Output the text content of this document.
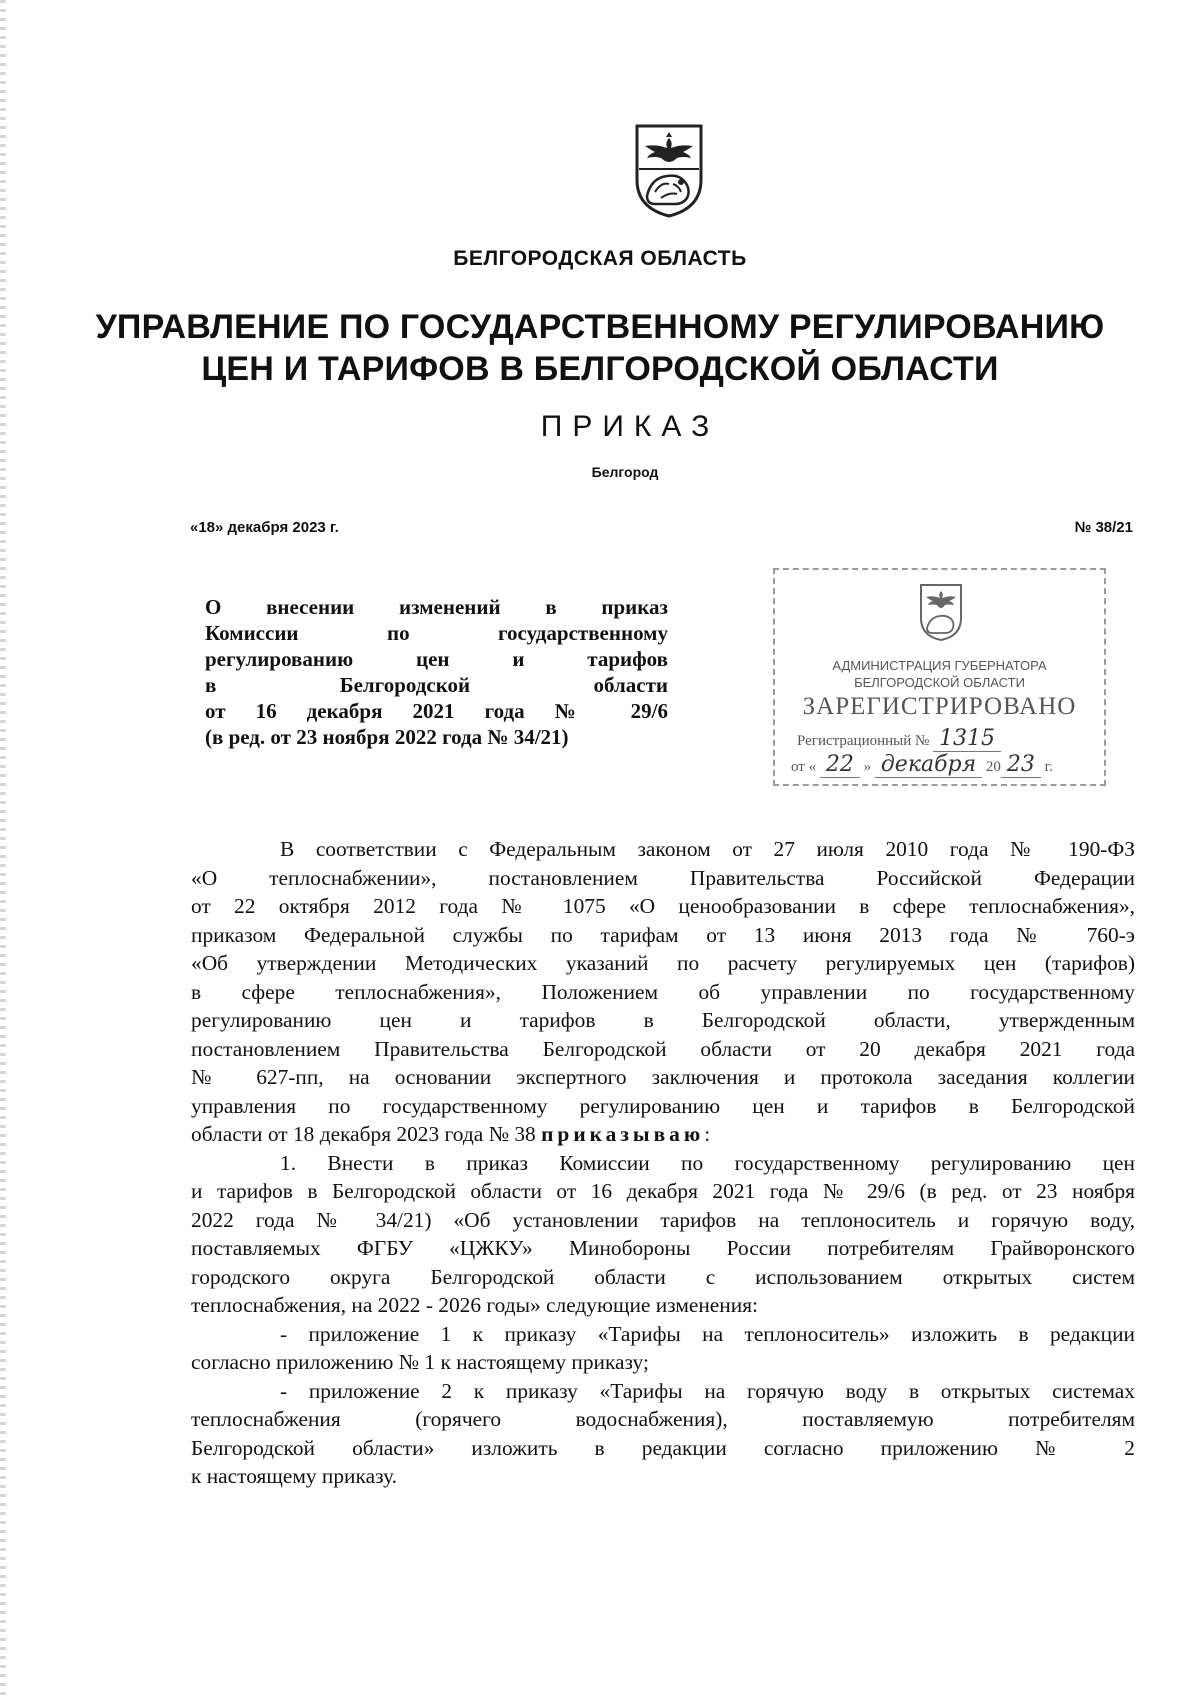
БЕЛГОРОДСКАЯ ОБЛАСТЬ
УПРАВЛЕНИЕ ПО ГОСУДАРСТВЕННОМУ РЕГУЛИРОВАНИЮ
ЦЕН И ТАРИФОВ В БЕЛГОРОДСКОЙ ОБЛАСТИ
ПРИКАЗ
Белгород
«18» декабря 2023 г.	№ 38/21
О внесении изменений в приказ
Комиссии по государственному
регулированию цен и тарифов
в Белгородской области
от 16 декабря 2021 года № 29/6
(в ред. от 23 ноября 2022 года № 34/21)
АДМИНИСТРАЦИЯ ГУБЕРНАТОРА
БЕЛГОРОДСКОЙ ОБЛАСТИ
ЗАРЕГИСТРИРОВАНО
Регистрационный № 1315
от « 22 » декабря 20 23 г.
В соответствии с Федеральным законом от 27 июля 2010 года № 190-ФЗ
«О теплоснабжении», постановлением Правительства Российской Федерации
от 22 октября 2012 года № 1075 «О ценообразовании в сфере теплоснабжения»,
приказом Федеральной службы по тарифам от 13 июня 2013 года № 760-э
«Об утверждении Методических указаний по расчету регулируемых цен (тарифов)
в сфере теплоснабжения», Положением об управлении по государственному
регулированию цен и тарифов в Белгородской области, утвержденным
постановлением Правительства Белгородской области от 20 декабря 2021 года
№ 627-пп, на основании экспертного заключения и протокола заседания коллегии
управления по государственному регулированию цен и тарифов в Белгородской
области от 18 декабря 2023 года № 38 приказываю:
1. Внести в приказ Комиссии по государственному регулированию цен
и тарифов в Белгородской области от 16 декабря 2021 года № 29/6 (в ред. от 23 ноября
2022 года № 34/21) «Об установлении тарифов на теплоноситель и горячую воду,
поставляемых ФГБУ «ЦЖКУ» Минобороны России потребителям Грайворонского
городского округа Белгородской области с использованием открытых систем
теплоснабжения, на 2022 - 2026 годы» следующие изменения:
- приложение 1 к приказу «Тарифы на теплоноситель» изложить в редакции
согласно приложению № 1 к настоящему приказу;
- приложение 2 к приказу «Тарифы на горячую воду в открытых системах
теплоснабжения (горячего водоснабжения), поставляемую потребителям
Белгородской области» изложить в редакции согласно приложению № 2
к настоящему приказу.
